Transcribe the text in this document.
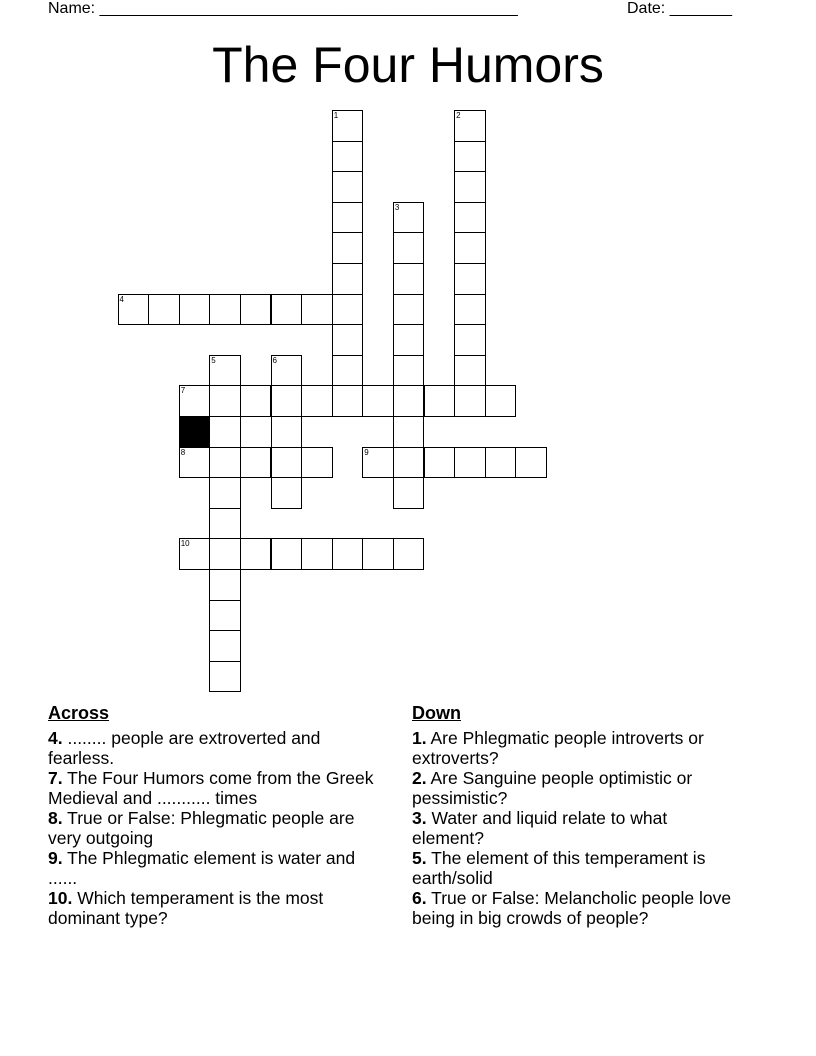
Name: _______________________________________________	Date: _______
The Four Humors
1	2
3
4
5	6
7
8	9
10
Across

4. ........ people are extroverted and fearless.

7. The Four Humors come from the Greek Medieval and ........... times

8. True or False: Phlegmatic people are very outgoing

9. The Phlegmatic element is water and ......

10. Which temperament is the most dominant type?

Down

1. Are Phlegmatic people introverts or extroverts?

2. Are Sanguine people optimistic or pessimistic?

3. Water and liquid relate to what element?

5. The element of this temperament is earth/solid

6. True or False: Melancholic people love being in big crowds of people?
